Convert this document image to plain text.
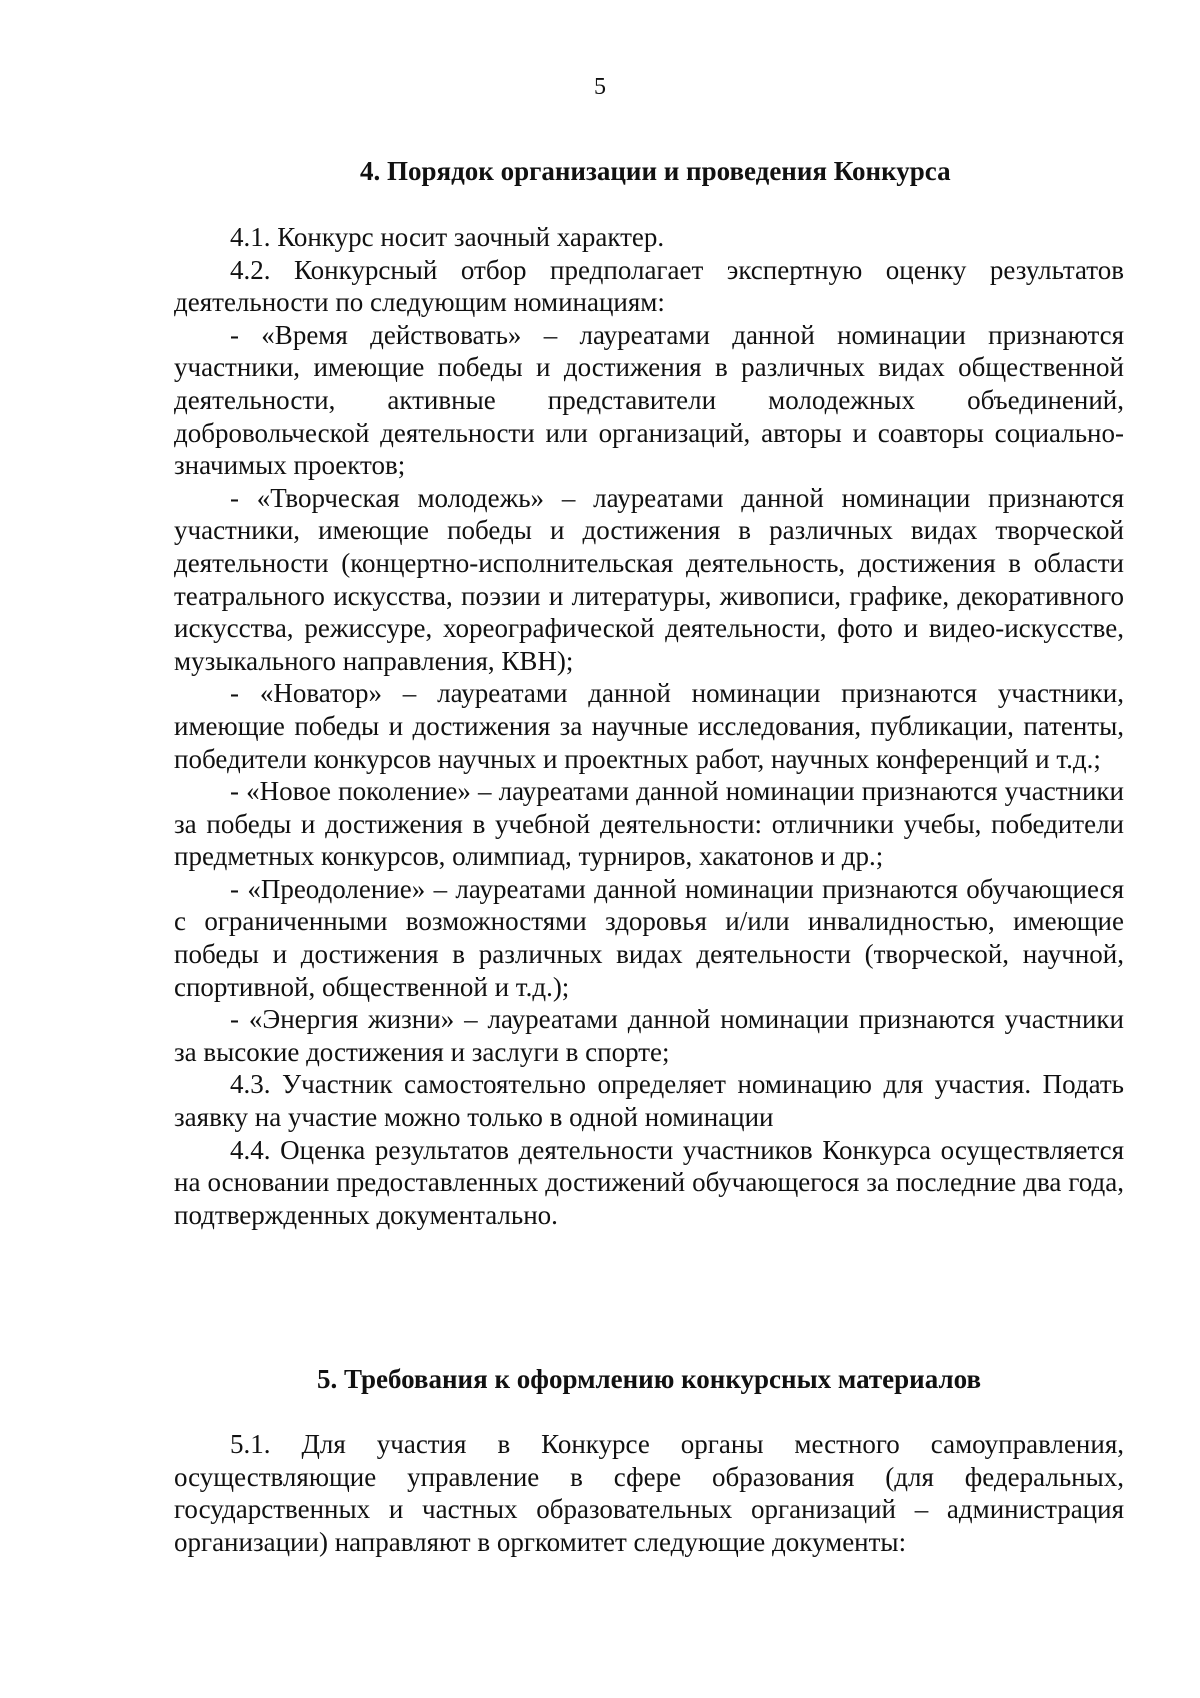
5
4. Порядок организации и проведения Конкурса

4.1. Конкурс носит заочный характер.

4.2. Конкурсный отбор предполагает экспертную оценку результатов деятельности по следующим номинациям:

- «Время действовать» – лауреатами данной номинации признаются участники, имеющие победы и достижения в различных видах общественной деятельности, активные представители молодежных объединений, добровольческой деятельности или организаций, авторы и соавторы социально-значимых проектов;

- «Творческая молодежь» – лауреатами данной номинации признаются участники, имеющие победы и достижения в различных видах творческой деятельности (концертно-исполнительская деятельность, достижения в области театрального искусства, поэзии и литературы, живописи, графике, декоративного искусства, режиссуре, хореографической деятельности, фото и видео-искусстве, музыкального направления, КВН);

- «Новатор» – лауреатами данной номинации признаются участники, имеющие победы и достижения за научные исследования, публикации, патенты, победители конкурсов научных и проектных работ, научных конференций и т.д.;

- «Новое поколение» – лауреатами данной номинации признаются участники за победы и достижения в учебной деятельности: отличники учебы, победители предметных конкурсов, олимпиад, турниров, хакатонов и др.;

- «Преодоление» – лауреатами данной номинации признаются обучающиеся с ограниченными возможностями здоровья и/или инвалидностью, имеющие победы и достижения в различных видах деятельности (творческой, научной, спортивной, общественной и т.д.);

- «Энергия жизни» – лауреатами данной номинации признаются участники за высокие достижения и заслуги в спорте;

4.3. Участник самостоятельно определяет номинацию для участия. Подать заявку на участие можно только в одной номинации

4.4. Оценка результатов деятельности участников Конкурса осуществляется на основании предоставленных достижений обучающегося за последние два года, подтвержденных документально.

5. Требования к оформлению конкурсных материалов

5.1. Для участия в Конкурсе органы местного самоуправления, осуществляющие управление в сфере образования (для федеральных, государственных и частных образовательных организаций – администрация организации) направляют в оргкомитет следующие документы:
